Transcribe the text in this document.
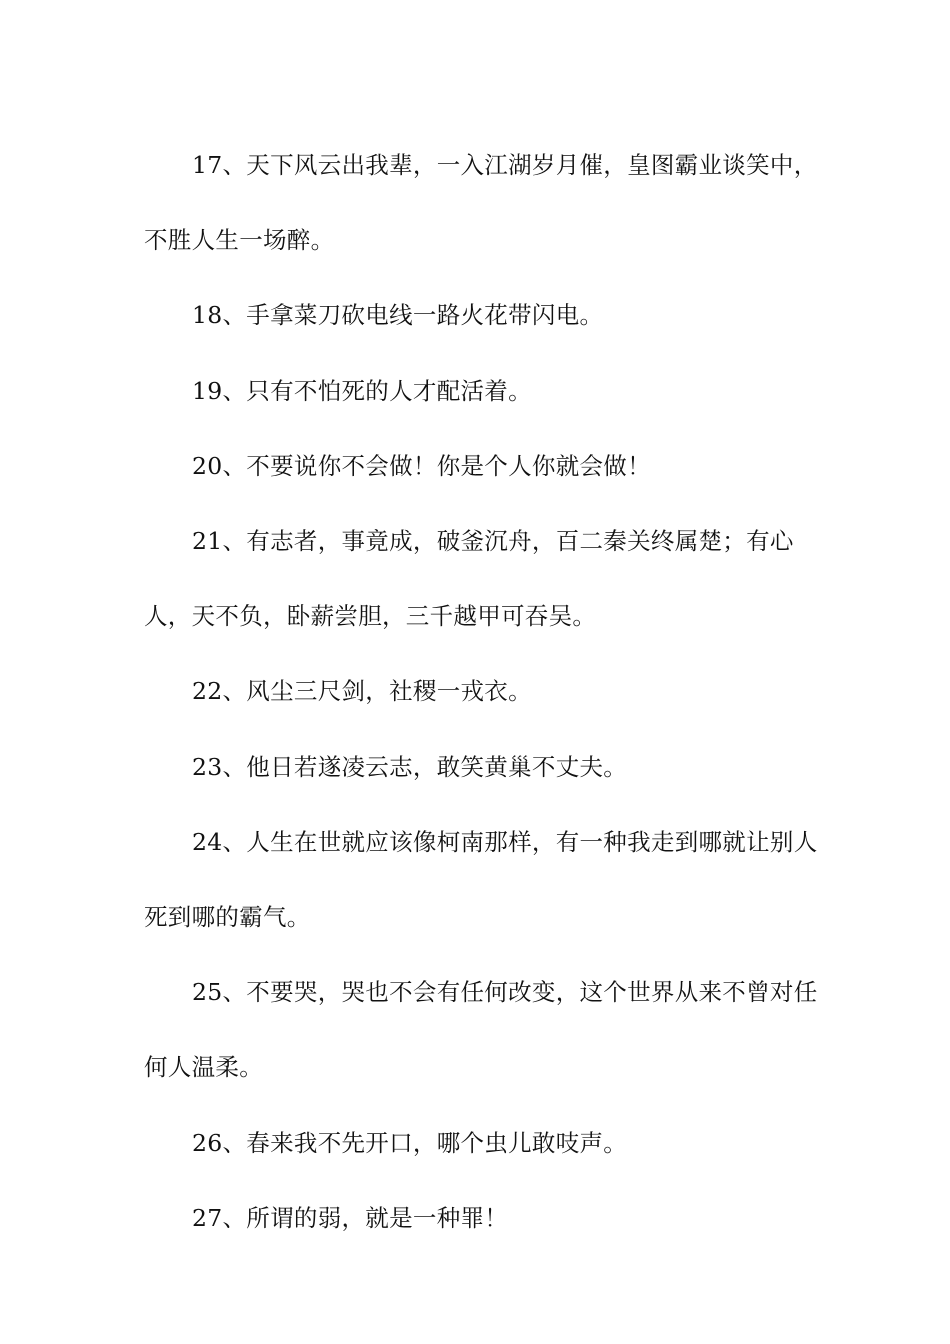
17、天下风云出我辈，一入江湖岁月催，皇图霸业谈笑中，不胜人生一场醉。

18、手拿菜刀砍电线一路火花带闪电。

19、只有不怕死的人才配活着。

20、不要说你不会做！你是个人你就会做！

21、有志者，事竟成，破釜沉舟，百二秦关终属楚；有心人，天不负，卧薪尝胆，三千越甲可吞吴。

22、风尘三尺剑，社稷一戎衣。

23、他日若遂凌云志，敢笑黄巢不丈夫。

24、人生在世就应该像柯南那样，有一种我走到哪就让别人死到哪的霸气。

25、不要哭，哭也不会有任何改变，这个世界从来不曾对任何人温柔。

26、春来我不先开口，哪个虫儿敢吱声。

27、所谓的弱，就是一种罪！
